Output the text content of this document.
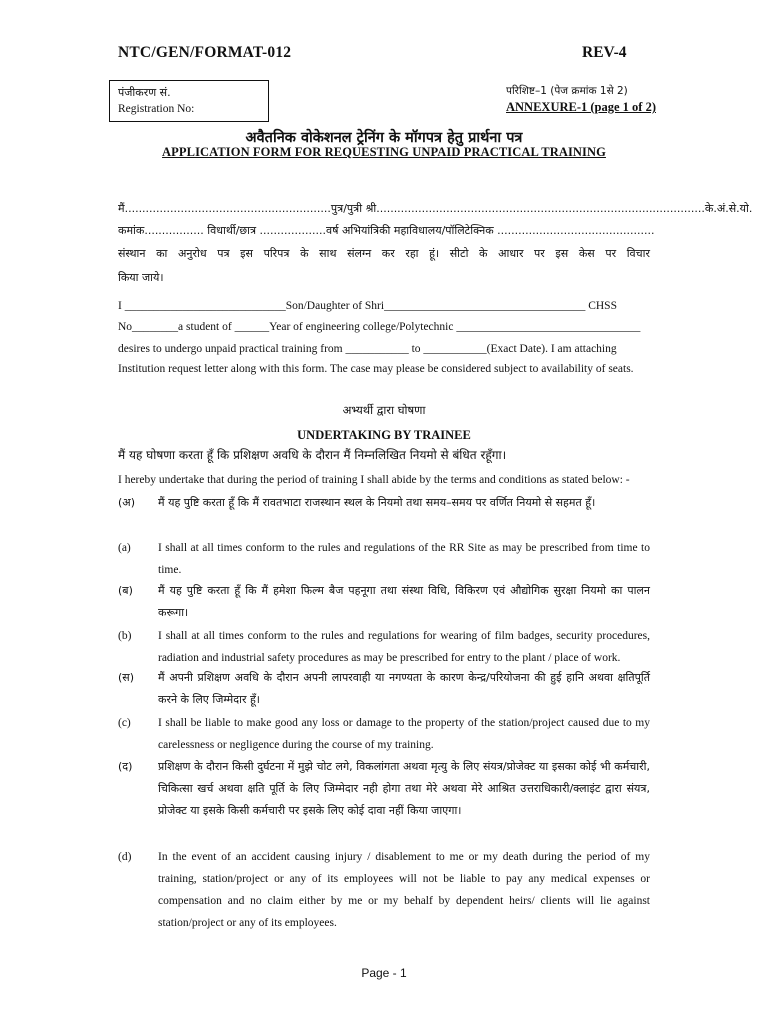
NTC/GEN/FORMAT-012	REV-4
पंजीकरण सं.
Registration No:
परिशिष्ट–1 (पेज क्रमांक 1से 2)
ANNEXURE-1 (page 1 of 2)
अवैतनिक वोकेशनल ट्रेनिंग के मॉगपत्र हेतु प्रार्थना पत्र
APPLICATION FORM FOR REQUESTING UNPAID PRACTICAL TRAINING
मैं...........................................................पुत्र/पुत्री श्री..............................................................................................के.अं.से.यो.
कमांक................. विधार्थी/छात्र ...................वर्ष अभियांत्रिकी महाविधालय/पॉलिटेक्निक .............................................
संस्थान का अनुरोध पत्र इस परिपत्र के साथ संलग्न कर रहा हूं। सीटो के आधार पर इस केस पर विचार
किया जाये।
I ____________________________Son/Daughter of Shri___________________________________ CHSS
No________a student of ______Year of engineering college/Polytechnic ________________________________
desires to undergo unpaid practical training from ___________ to ___________(Exact Date). I am attaching
Institution request letter along with this form. The case may please be considered subject to availability of seats.
अभ्यर्थी द्वारा घोषणा
UNDERTAKING BY TRAINEE
मैं यह घोषणा करता हूँ कि प्रशिक्षण अवधि के दौरान मैं निम्नलिखित नियमो से बंधित रहूँगा।
I hereby undertake that during the period of training I shall abide by the terms and conditions as stated below: -
(अ)	मैं यह पुष्टि करता हूँ कि मैं रावतभाटा राजस्थान स्थल के नियमो तथा समय–समय पर वर्णित नियमो से सहमत हूँ।
(a)	I shall at all times conform to the rules and regulations of the RR Site as may be prescribed from time to time.
(ब)	मैं यह पुष्टि करता हूँ कि मैं हमेशा फिल्म बैज पहनूगा तथा संस्था विधि, विकिरण एवं औद्योगिक सुरक्षा नियमो का पालन करूगा।
(b)	I shall at all times conform to the rules and regulations for wearing of film badges, security procedures, radiation and industrial safety procedures as may be prescribed for entry to the plant / place of work.
(स)	मैं अपनी प्रशिक्षण अवधि के दौरान अपनी लापरवाही या नगण्यता के कारण केन्द्र/परियोजना की हुई हानि अथवा क्षतिपूर्ति करने के लिए जिम्मेदार हूँ।
(c)	I shall be liable to make good any loss or damage to the property of the station/project caused due to my carelessness or negligence during the course of my training.
(द)	प्रशिक्षण के दौरान किसी दुर्घटना में मुझे चोट लगे, विकलांगता अथवा मृत्यु के लिए संयत्र/प्रोजेक्ट या इसका कोई भी कर्मचारी, चिकित्सा खर्च अथवा क्षति पूर्ति के लिए जिम्मेदार नही होगा तथा मेरे अथवा मेरे आश्रित उत्तराधिकारी/क्लाइंट द्वारा संयत्र, प्रोजेक्ट या इसके किसी कर्मचारी पर इसके लिए कोई दावा नहीं किया जाएगा।
(d)	In the event of an accident causing injury / disablement to me or my death during the period of my training, station/project or any of its employees will not be liable to pay any medical expenses or compensation and no claim either by me or my behalf by dependent heirs/ clients will lie against station/project or any of its employees.
Page - 1
